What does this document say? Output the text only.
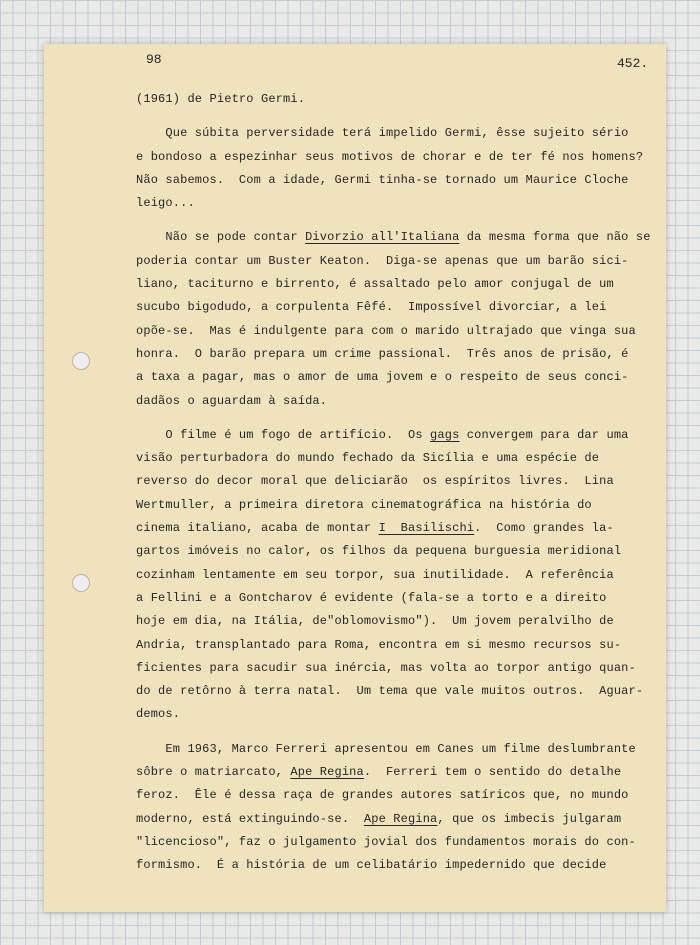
98	452.
(1961) de Pietro Germi.
Que súbita perversidade terá impelido Germi, êsse sujeito sério
e bondoso a espezinhar seus motivos de chorar e de ter fé nos homens?
Não sabemos.  Com a idade, Germi tinha-se tornado um Maurice Cloche
leigo...
Não se pode contar Divorzio all'Italiana da mesma forma que não se
poderia contar um Buster Keaton.  Diga-se apenas que um barão sici-
liano, taciturno e birrento, é assaltado pelo amor conjugal de um
sucubo bigodudo, a corpulenta Fêfé.  Impossível divorciar, a lei
opõe-se.  Mas é indulgente para com o marido ultrajado que vinga sua
honra.  O barão prepara um crime passional.  Três anos de prisão, é
a taxa a pagar, mas o amor de uma jovem e o respeito de seus conci-
dadãos o aguardam à saída.
O filme é um fogo de artifício.  Os gags convergem para dar uma
visão perturbadora do mundo fechado da Sicília e uma espécie de
reverso do decor moral que deliciarão  os espíritos livres.  Lina
Wertmuller, a primeira diretora cinematográfica na história do
cinema italiano, acaba de montar I  Basilischi.  Como grandes la-
gartos imóveis no calor, os filhos da pequena burguesia meridional
cozinham lentamente em seu torpor, sua inutilidade.  A referência
a Fellini e a Gontcharov é evidente (fala-se a torto e a direito
hoje em dia, na Itália, de"oblomovismo").  Um jovem peralvilho de
Andria, transplantado para Roma, encontra em si mesmo recursos su-
ficientes para sacudir sua inércia, mas volta ao torpor antigo quan-
do de retôrno à terra natal.  Um tema que vale muitos outros.  Aguar-
demos.
Em 1963, Marco Ferreri apresentou em Canes um filme deslumbrante
sôbre o matriarcato, Ape Regina.  Ferreri tem o sentido do detalhe
feroz.  Êle é dessa raça de grandes autores satíricos que, no mundo
moderno, está extinguindo-se.  Ape Regina, que os imbecis julgaram
"licencioso", faz o julgamento jovial dos fundamentos morais do con-
formismo.  É a história de um celibatário impedernido que decide
